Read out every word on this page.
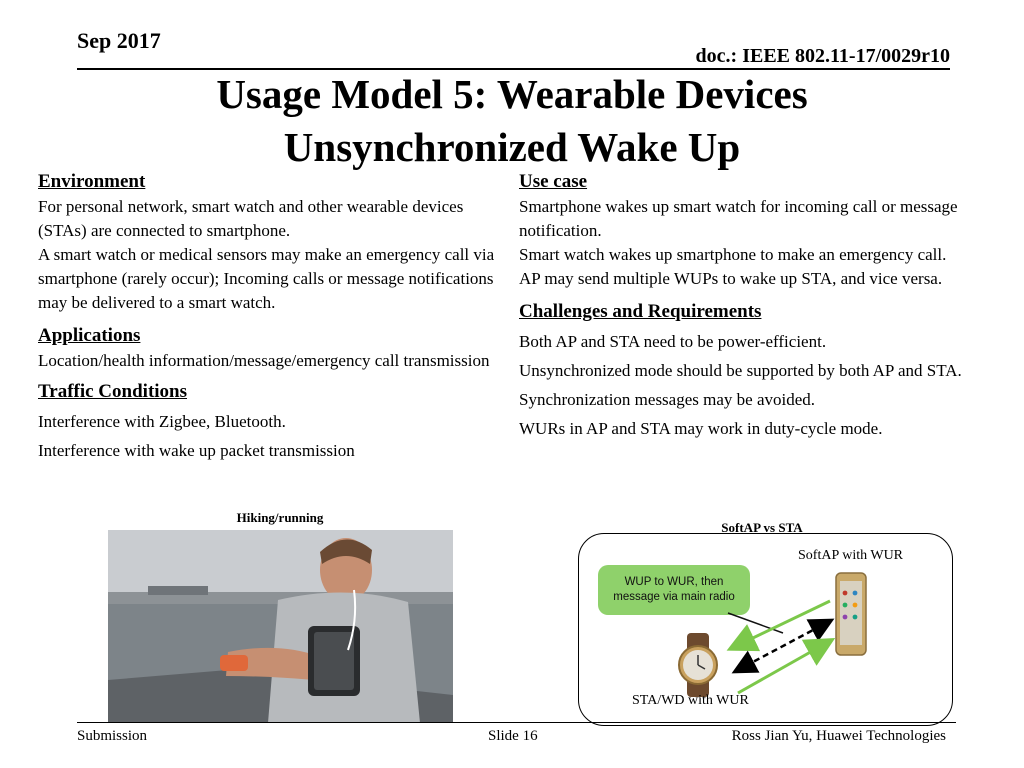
Sep 2017
doc.: IEEE 802.11-17/0029r10
Usage Model 5: Wearable Devices
Unsynchronized Wake Up
Environment

For personal network, smart watch and other wearable devices (STAs) are connected to smartphone.

A smart watch or medical sensors may make an emergency call via smartphone (rarely occur); Incoming calls or message notifications may be delivered to a smart watch.

Applications

Location/health information/message/emergency call transmission

Traffic Conditions

Interference with Zigbee, Bluetooth.

Interference with wake up packet transmission

Use case

Smartphone wakes up smart watch for incoming call or message notification.

Smart watch wakes up smartphone to make an emergency call.

AP may send multiple WUPs to wake up STA, and vice versa.

Challenges and Requirements

Both AP and STA need to be power-efficient.

Unsynchronized mode should be supported by both AP and STA.

Synchronization messages may be avoided.

WURs in AP and STA may work in duty-cycle mode.

Hiking/running
SoftAP vs STA
SoftAP with WUR
WUP to WUR, then message via main radio
STA/WD with WUR
Submission	Slide 16	Ross Jian Yu, Huawei Technologies
